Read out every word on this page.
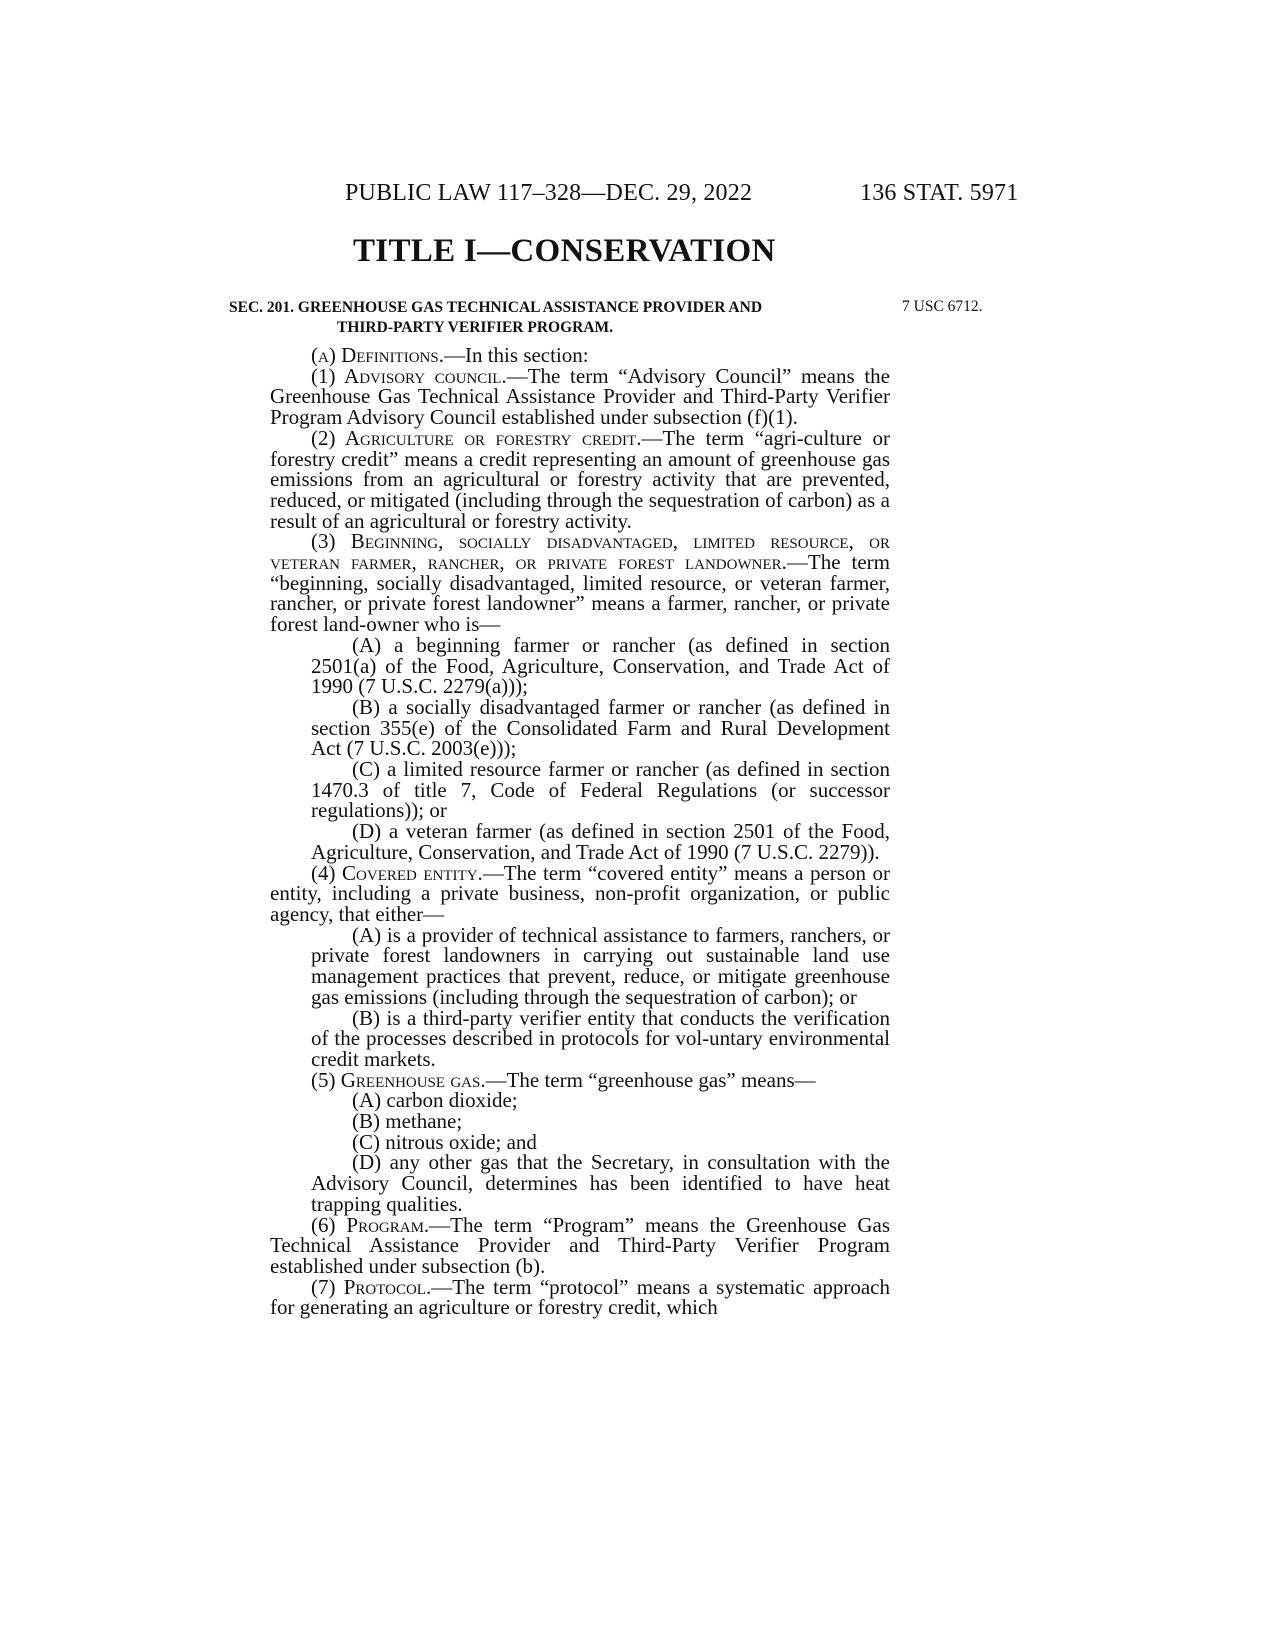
PUBLIC LAW 117–328—DEC. 29, 2022	136 STAT. 5971
TITLE I—CONSERVATION
SEC. 201. GREENHOUSE GAS TECHNICAL ASSISTANCE PROVIDER AND
THIRD-PARTY VERIFIER PROGRAM.
7 USC 6712.

(a) Definitions.—In this section:

(1) Advisory council.—The term “Advisory Council” means the Greenhouse Gas Technical Assistance Provider and Third-Party Verifier Program Advisory Council established under subsection (f)(1).

(2) Agriculture or forestry credit.—The term “agri-culture or forestry credit” means a credit representing an amount of greenhouse gas emissions from an agricultural or forestry activity that are prevented, reduced, or mitigated (including through the sequestration of carbon) as a result of an agricultural or forestry activity.

(3) Beginning, socially disadvantaged, limited resource, or veteran farmer, rancher, or private forest landowner.—The term “beginning, socially disadvantaged, limited resource, or veteran farmer, rancher, or private forest landowner” means a farmer, rancher, or private forest land-owner who is—

(A) a beginning farmer or rancher (as defined in section 2501(a) of the Food, Agriculture, Conservation, and Trade Act of 1990 (7 U.S.C. 2279(a)));

(B) a socially disadvantaged farmer or rancher (as defined in section 355(e) of the Consolidated Farm and Rural Development Act (7 U.S.C. 2003(e)));

(C) a limited resource farmer or rancher (as defined in section 1470.3 of title 7, Code of Federal Regulations (or successor regulations)); or

(D) a veteran farmer (as defined in section 2501 of the Food, Agriculture, Conservation, and Trade Act of 1990 (7 U.S.C. 2279)).

(4) Covered entity.—The term “covered entity” means a person or entity, including a private business, non-profit organization, or public agency, that either—

(A) is a provider of technical assistance to farmers, ranchers, or private forest landowners in carrying out sustainable land use management practices that prevent, reduce, or mitigate greenhouse gas emissions (including through the sequestration of carbon); or

(B) is a third-party verifier entity that conducts the verification of the processes described in protocols for vol-untary environmental credit markets.

(5) Greenhouse gas.—The term “greenhouse gas” means—

(A) carbon dioxide;

(B) methane;

(C) nitrous oxide; and

(D) any other gas that the Secretary, in consultation with the Advisory Council, determines has been identified to have heat trapping qualities.

(6) Program.—The term “Program” means the Greenhouse Gas Technical Assistance Provider and Third-Party Verifier Program established under subsection (b).

(7) Protocol.—The term “protocol” means a systematic approach for generating an agriculture or forestry credit, which
